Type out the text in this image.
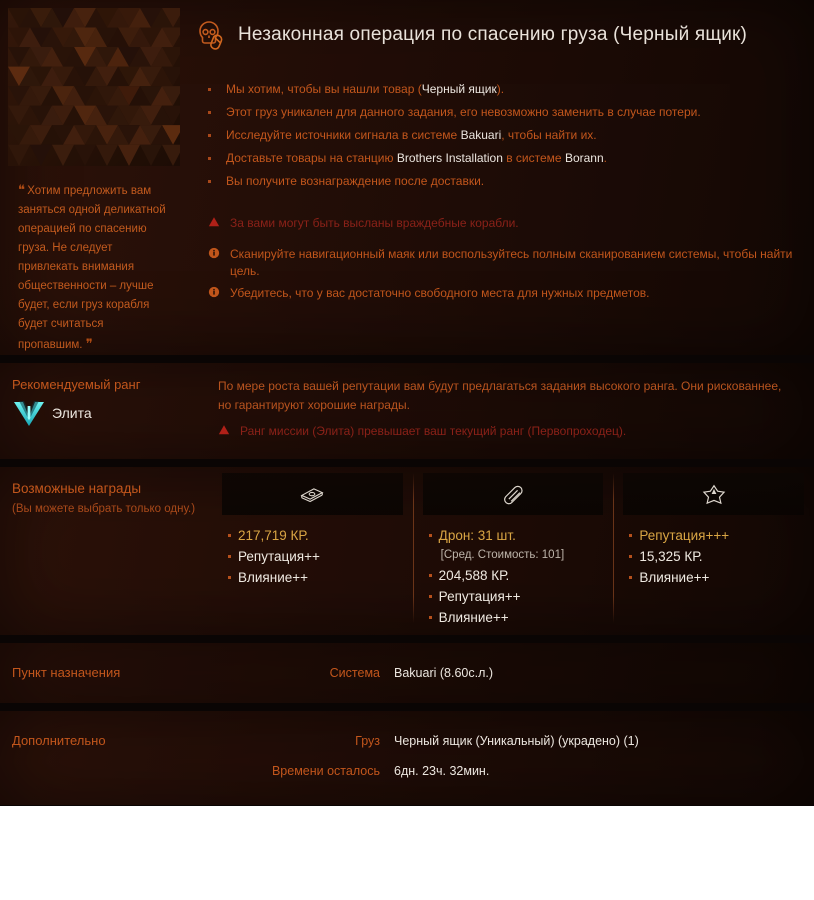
❝ Хотим предложить вам заняться одной деликатной операцией по спасению груза. Не следует привлекать внимания общественности – лучше будет, если груз корабля будет считаться пропавшим. ❞
Незаконная операция по спасению груза (Черный ящик)
Мы хотим, чтобы вы нашли товар (Черный ящик).
Этот груз уникален для данного задания, его невозможно заменить в случае потери.
Исследуйте источники сигнала в системе Bakuari, чтобы найти их.
Доставьте товары на станцию Brothers Installation в системе Borann.
Вы получите вознаграждение после доставки.
За вами могут быть высланы враждебные корабли.
Сканируйте навигационный маяк или воспользуйтесь полным сканированием системы, чтобы найти цель.
Убедитесь, что у вас достаточно свободного места для нужных предметов.
Рекомендуемый ранг
Элита
По мере роста вашей репутации вам будут предлагаться задания высокого ранга. Они рискованнее, но гарантируют хорошие награды.
Ранг миссии (Элита) превышает ваш текущий ранг (Первопроходец).
Возможные награды
(Вы можете выбрать только одну.)
217,719 КР.
Репутация++
Влияние++
Дрон: 31 шт.
[Сред. Стоимость: 101]
204,588 КР.
Репутация++
Влияние++
Репутация+++
15,325 КР.
Влияние++
Пункт назначения	Система	Bakuari (8.60с.л.)
Дополнительно	Груз	Черный ящик (Уникальный) (украдено) (1)
Времени осталось	6дн. 23ч. 32мин.
